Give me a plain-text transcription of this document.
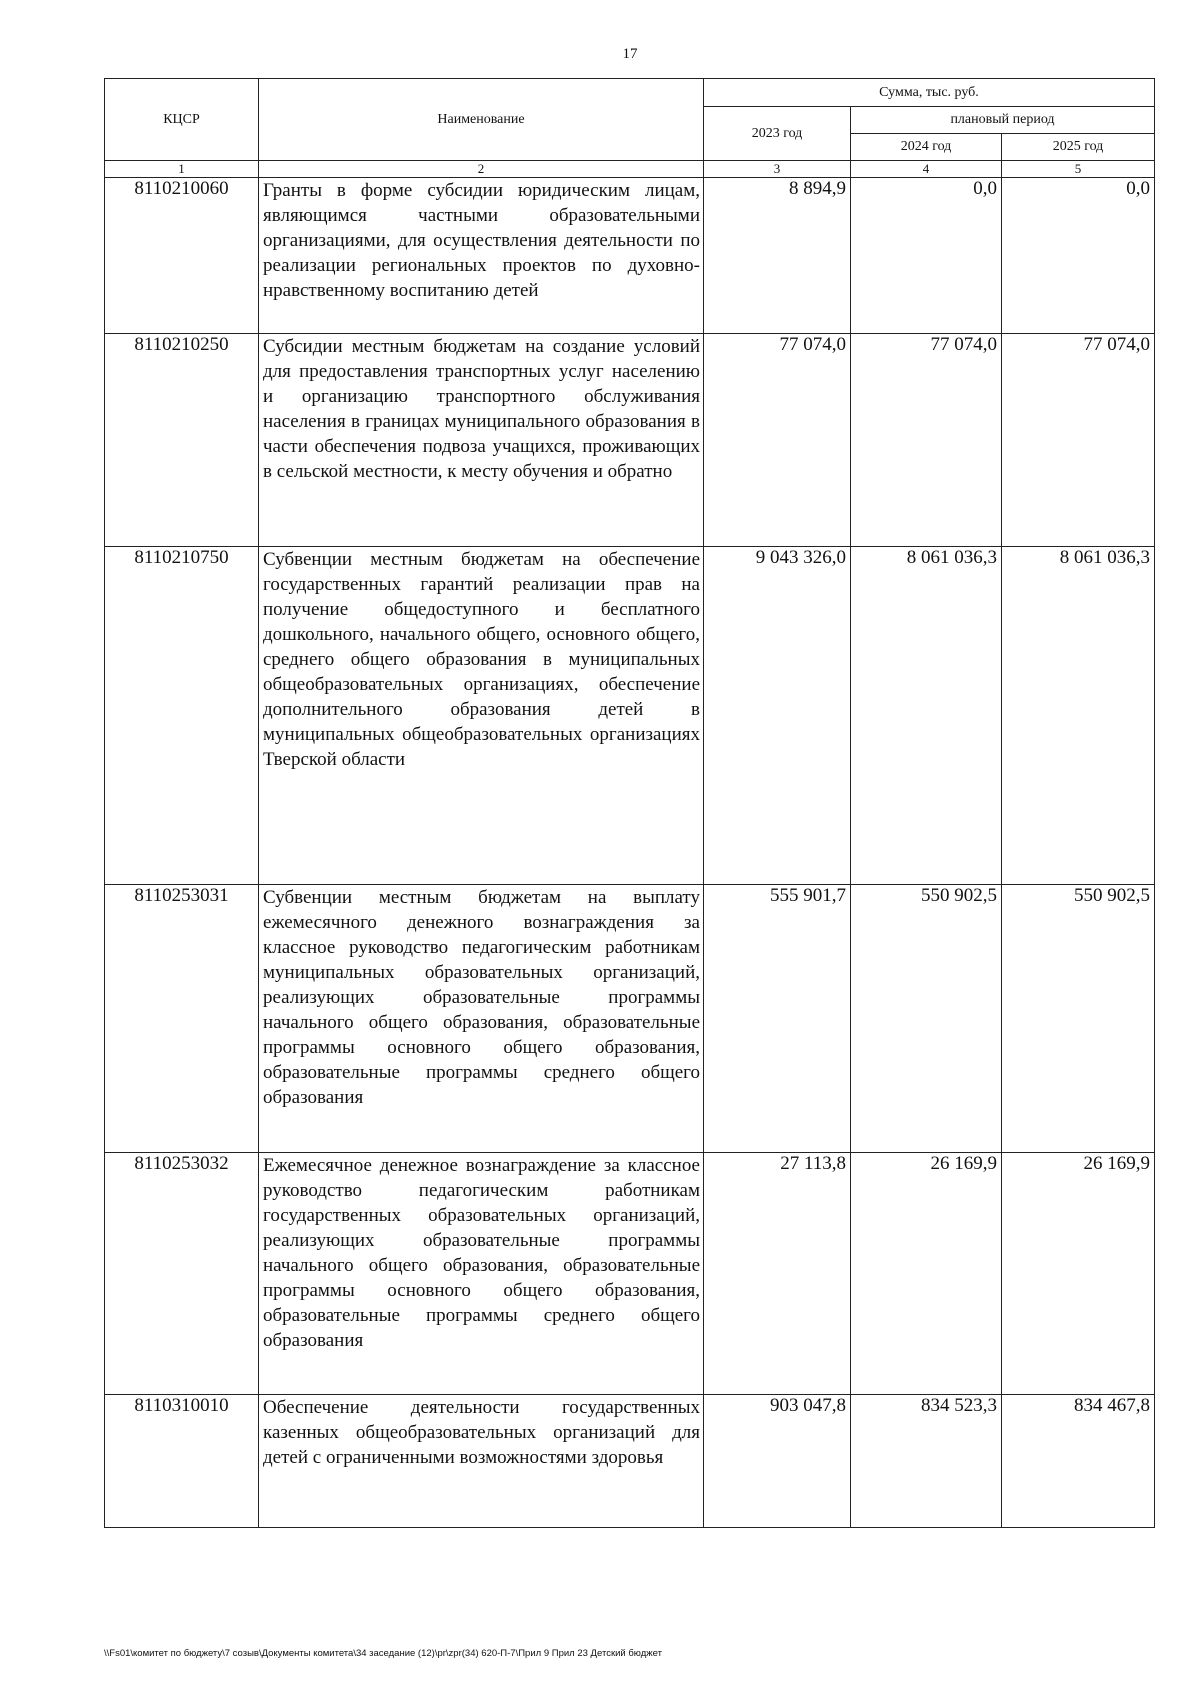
17
КЦСР	Наименование	Сумма, тыс. руб.		
		2023 год	плановый период	
			2024 год	2025 год
1	2	3	4	5
8110210060	Гранты в форме субсидии юридическим лицам, являющимся частными образовательными организациями, для осуществления деятельности по реализации региональных проектов по духовно-нравственному воспитанию детей	8 894,9	0,0	0,0
8110210250	Субсидии местным бюджетам на создание условий для предоставления транспортных услуг населению и организацию транспортного обслуживания населения в границах муниципального образования в части обеспечения подвоза учащихся, проживающих в сельской местности, к месту обучения и обратно	77 074,0	77 074,0	77 074,0
8110210750	Субвенции местным бюджетам на обеспечение государственных гарантий реализации прав на получение общедоступного и бесплатного дошкольного, начального общего, основного общего, среднего общего образования в муниципальных общеобразовательных организациях, обеспечение дополнительного образования детей в муниципальных общеобразовательных организациях Тверской области	9 043 326,0	8 061 036,3	8 061 036,3
8110253031	Субвенции местным бюджетам на выплату ежемесячного денежного вознаграждения за классное руководство педагогическим работникам муниципальных образовательных организаций, реализующих образовательные программы начального общего образования, образовательные программы основного общего образования, образовательные программы среднего общего образования	555 901,7	550 902,5	550 902,5
8110253032	Ежемесячное денежное вознаграждение за классное руководство педагогическим работникам государственных образовательных организаций, реализующих образовательные программы начального общего образования, образовательные программы основного общего образования, образовательные программы среднего общего образования	27 113,8	26 169,9	26 169,9
8110310010	Обеспечение деятельности государственных казенных общеобразовательных организаций для детей с ограниченными возможностями здоровья	903 047,8	834 523,3	834 467,8
\\Fs01\комитет по бюджету\7 созыв\Документы комитета\34 заседание (12)\pr\zpr(34) 620-П-7\Прил 9 Прил 23 Детский бюджет
